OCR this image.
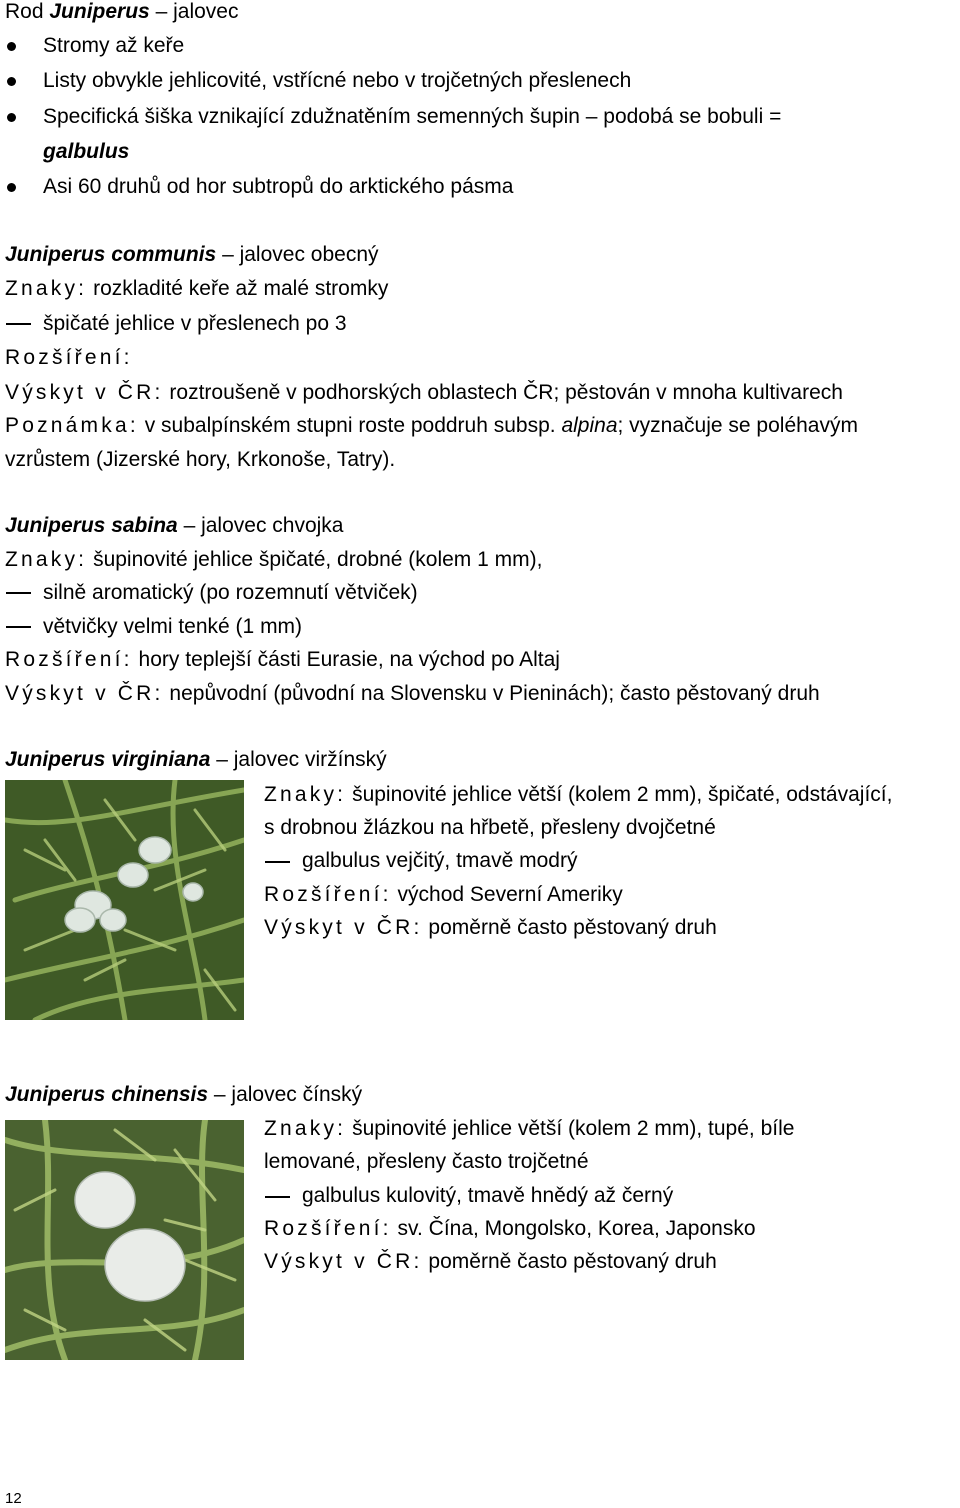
Rod Juniperus – jalovec
Stromy až keře
Listy obvykle jehlicovité, vstřícné nebo v trojčetných přeslenech
Specifická šiška vznikající zdužnatěním semenných šupin – podobá se bobuli =
galbulus
Asi 60 druhů od hor subtropů do arktického pásma
Juniperus communis – jalovec obecný
Znaky: rozkladité keře až malé stromky
špičaté jehlice v přeslenech po 3
Rozšíření:
Výskyt v ČR: roztroušeně v podhorských oblastech ČR; pěstován v mnoha kultivarech
Poznámka: v subalpínském stupni roste poddruh subsp. alpina; vyznačuje se poléhavým
vzrůstem (Jizerské hory, Krkonoše, Tatry).
Juniperus sabina – jalovec chvojka
Znaky: šupinovité jehlice špičaté, drobné (kolem 1 mm),
silně aromatický (po rozemnutí větviček)
větvičky velmi tenké (1 mm)
Rozšíření: hory teplejší části Eurasie, na východ po Altaj
Výskyt v ČR: nepůvodní (původní na Slovensku v Pieninách); často pěstovaný druh
Juniperus virginiana – jalovec viržínský
Znaky: šupinovité jehlice větší (kolem 2 mm), špičaté, odstávající,
s drobnou žlázkou na hřbetě, přesleny dvojčetné
galbulus vejčitý, tmavě modrý
Rozšíření: východ Severní Ameriky
Výskyt v ČR: poměrně často pěstovaný druh
Juniperus chinensis – jalovec čínský
Znaky: šupinovité jehlice větší (kolem 2 mm), tupé, bíle
lemované, přesleny často trojčetné
galbulus kulovitý, tmavě hnědý až černý
Rozšíření: sv. Čína, Mongolsko, Korea, Japonsko
Výskyt v ČR: poměrně často pěstovaný druh
12
